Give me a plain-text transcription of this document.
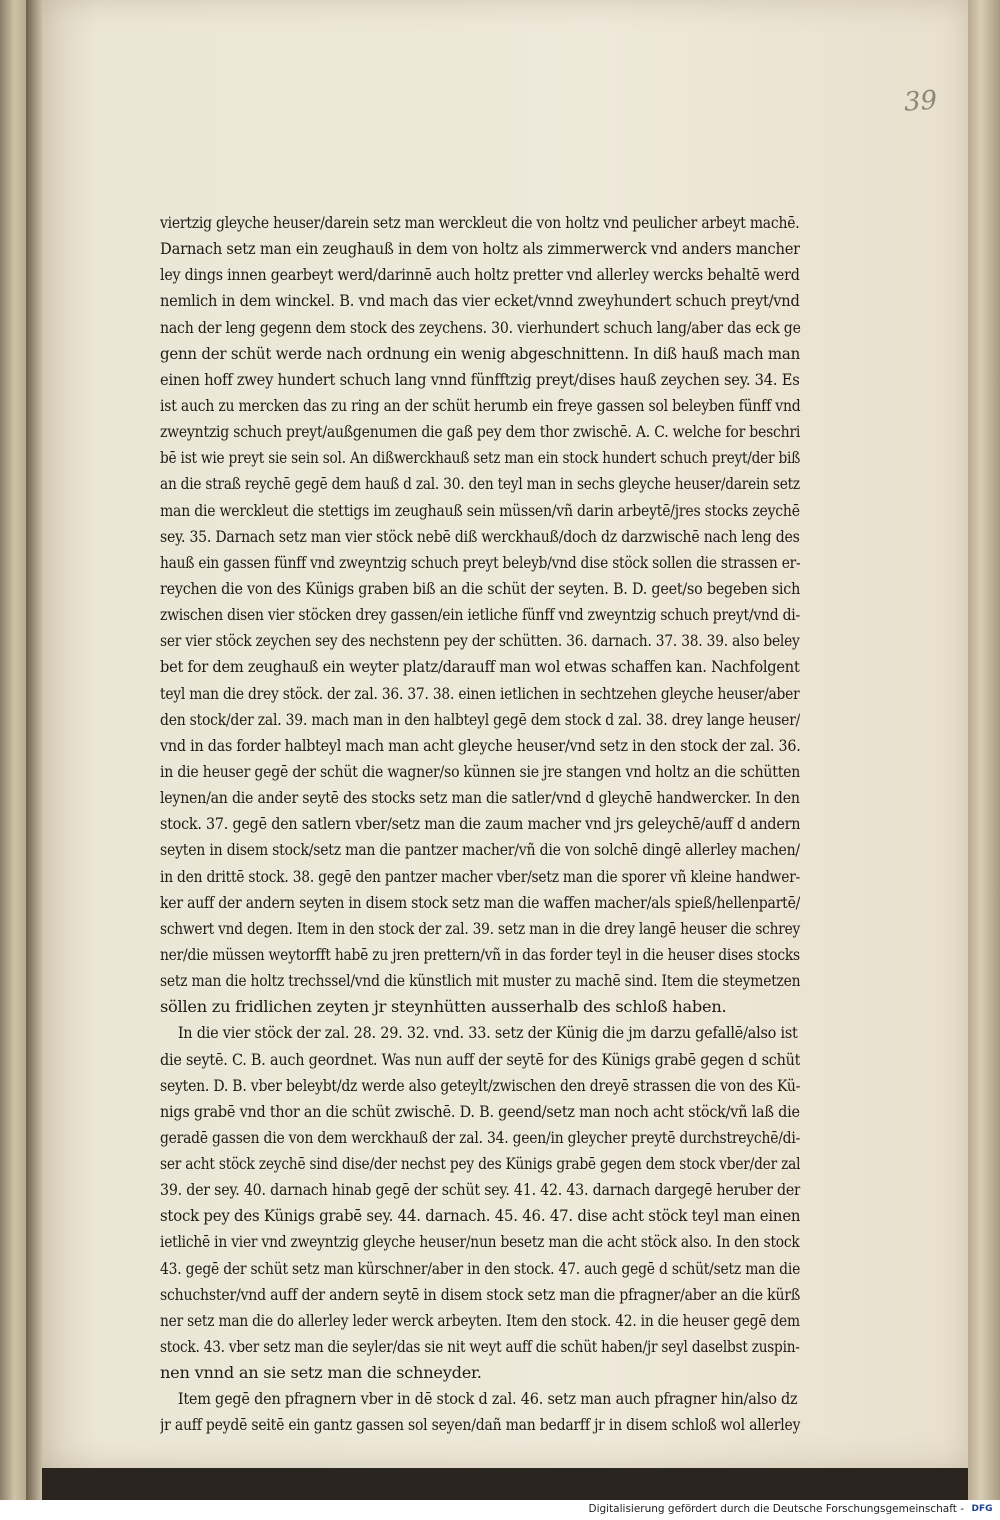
39
viertzig gleyche heuser/darein setz man wercklеut die von holtz vnd peulicher arbeyt machē.
Darnach setz man ein zeughauß in dem von holtz als zimmerwerck vnd anders mancher
ley dings innen gearbeyt werd/darinnē auch holtz pretter vnd allerley wercks behaltē werd
nemlich in dem winckel. B. vnd mach das vier ecket/vnnd zweyhundert schuch preyt/vnd
nach der leng gegenn dem stock des zeychens. 30. vierhundert schuch lang/aber das eck ge
genn der schüt werde nach ordnung ein wenig abgeschnittenn. In diß hauß mach man
einen hoff zwey hundert schuch lang vnnd fünfftzig preyt/dises hauß zeychen sey. 34. Es
ist auch zu mercken das zu ring an der schüt herumb ein freye gassen sol beleyben fünff vnd
zweyntzig schuch preyt/außgenumen die gaß pey dem thor zwischē. A. C. welche for beschri
bē ist wie preyt sie sein sol. An dißwerckhauß setz man ein stock hundert schuch preyt/der biß
an die straß reychē gegē dem hauß d zal. 30. den teyl man in sechs gleyche heuser/darein setz
man die wercklеut die stettigs im zeughauß sein müssen/vñ darin arbeytē/jres stocks zeychē
sey. 35. Darnach setz man vier stöck nebē diß werckhauß/doch dz darzwischē nach leng des
hauß ein gassen fünff vnd zweyntzig schuch preyt beleyb/vnd dise stöck sollen die strassen er-
reychen die von des Künigs graben biß an die schüt der seyten. B. D. geet/so begeben sich
zwischen disen vier stöcken drey gassen/ein ietliche fünff vnd zweyntzig schuch preyt/vnd di-
ser vier stöck zeychen sey des nechstenn pey der schütten. 36. darnach. 37. 38. 39. also beley
bet for dem zeughauß ein weyter platz/darauff man wol etwas schaffen kan. Nachfolgent
teyl man die drey stöck. der zal. 36. 37. 38. einen ietlichen in sechtzehen gleyche heuser/aber
den stock/der zal. 39. mach man in den halbteyl gegē dem stock d zal. 38. drey lange heuser/
vnd in das forder halbteyl mach man acht gleyche heuser/vnd setz in den stock der zal. 36.
in die heuser gegē der schüt die wagner/so künnen sie jre stangen vnd holtz an die schütten
leynen/an die ander seytē des stocks setz man die satler/vnd d gleychē handwercker. In den
stock. 37. gegē den satlern vber/setz man die zaum macher vnd jrs geleychē/auff d andern
seyten in disem stock/setz man die pantzer macher/vñ die von solchē dingē allerley machen/
in den drittē stock. 38. gegē den pantzer macher vber/setz man die sporer vñ kleine handwer-
ker auff der andern seyten in disem stock setz man die waffen macher/als spieß/hellenpartē/
schwert vnd degen. Item in den stock der zal. 39. setz man in die drey langē heuser die schrey
ner/die müssen weytorfft habē zu jren prettern/vñ in das forder teyl in die heuser dises stocks
setz man die holtz trechssel/vnd die künstlich mit muster zu machē sind. Item die steymetzen
söllen zu fridlichen zeyten jr steynhütten ausserhalb des schloß haben.
In die vier stöck der zal. 28. 29. 32. vnd. 33. setz der Künig die jm darzu gefallē/also ist
die seytē. C. B. auch geordnet. Was nun auff der seytē for des Künigs grabē gegen d schüt
seyten. D. B. vber beleybt/dz werde also geteylt/zwischen den dreyē strassen die von des Kü-
nigs grabē vnd thor an die schüt zwischē. D. B. geend/setz man noch acht stöck/vñ laß die
geradē gassen die von dem werckhauß der zal. 34. geen/in gleycher preytē durchstreychē/di-
ser acht stöck zeychē sind dise/der nechst pey des Künigs grabē gegen dem stock vber/der zal
39. der sey. 40. darnach hinab gegē der schüt sey. 41. 42. 43. darnach dargegē heruber der
stock pey des Künigs grabē sey. 44. darnach. 45. 46. 47. dise acht stöck teyl man einen
ietlichē in vier vnd zweyntzig gleyche heuser/nun besetz man die acht stöck also. In den stock
43. gegē der schüt setz man kürschner/aber in den stock. 47. auch gegē d schüt/setz man die
schuchster/vnd auff der andern seytē in disem stock setz man die pfragner/aber an die kürß
ner setz man die do allerley leder werck arbeyten. Item den stock. 42. in die heuser gegē dem
stock. 43. vber setz man die seyler/das sie nit weyt auff die schüt haben/jr seyl daselbst zuspin-
nen vnnd an sie setz man die schneyder.
Item gegē den pfragnern vber in dē stock d zal. 46. setz man auch pfragner hin/also dz
jr auff peydē seitē ein gantz gassen sol seyen/dañ man bedarff jr in disem schloß wol allerley
Digitalisierung gefördert durch die Deutsche Forschungsgemeinschaft - DFG
